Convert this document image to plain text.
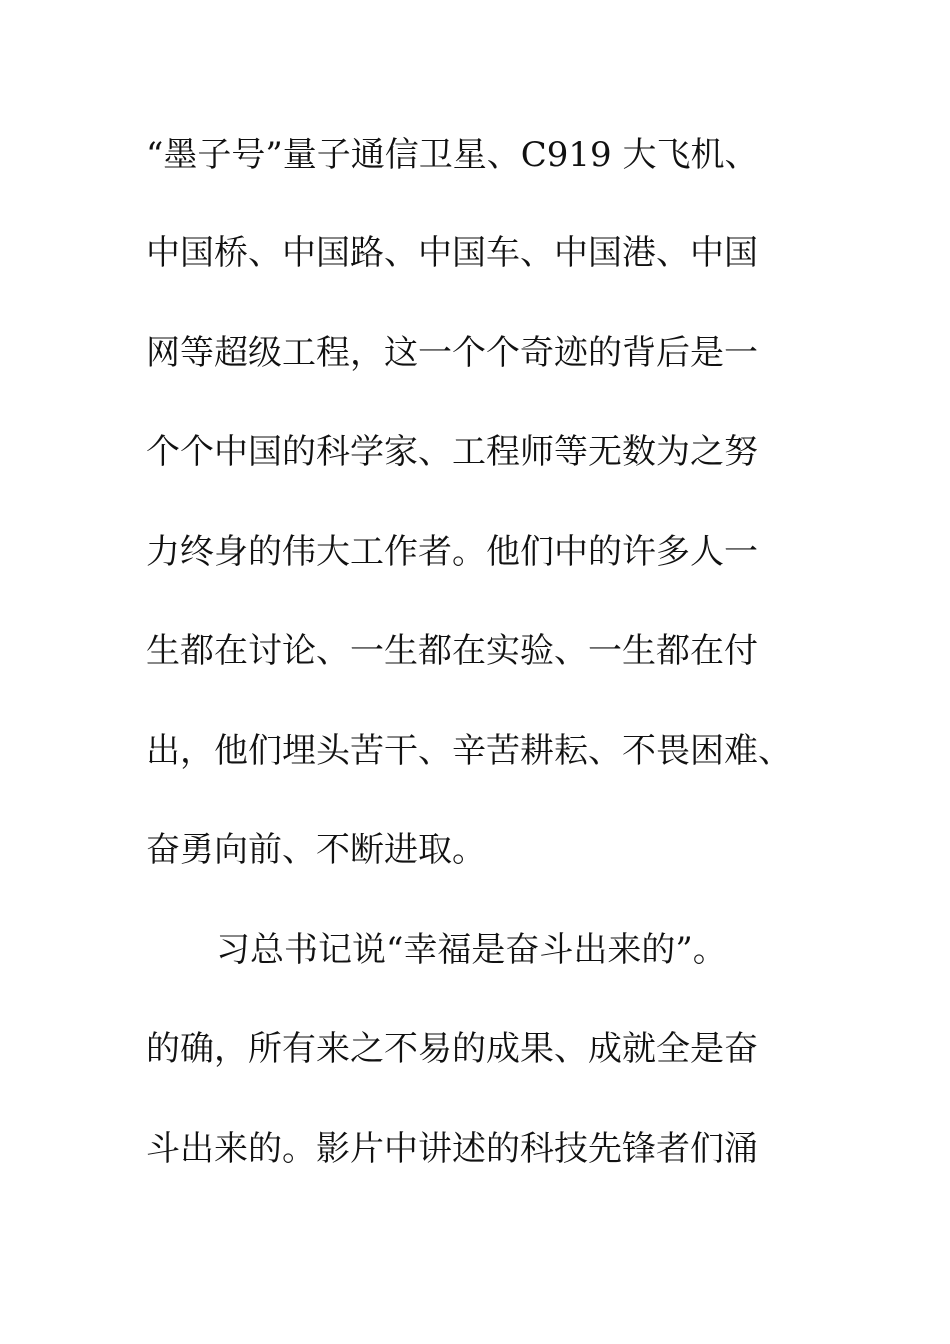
“墨子号”量子通信卫星、C919 大飞机、
中国桥、中国路、中国车、中国港、中国
网等超级工程，这一个个奇迹的背后是一
个个中国的科学家、工程师等无数为之努
力终身的伟大工作者。他们中的许多人一
生都在讨论、一生都在实验、一生都在付
出，他们埋头苦干、辛苦耕耘、不畏困难、
奋勇向前、不断进取。
习总书记说“幸福是奋斗出来的”。
的确，所有来之不易的成果、成就全是奋
斗出来的。影片中讲述的科技先锋者们涌
